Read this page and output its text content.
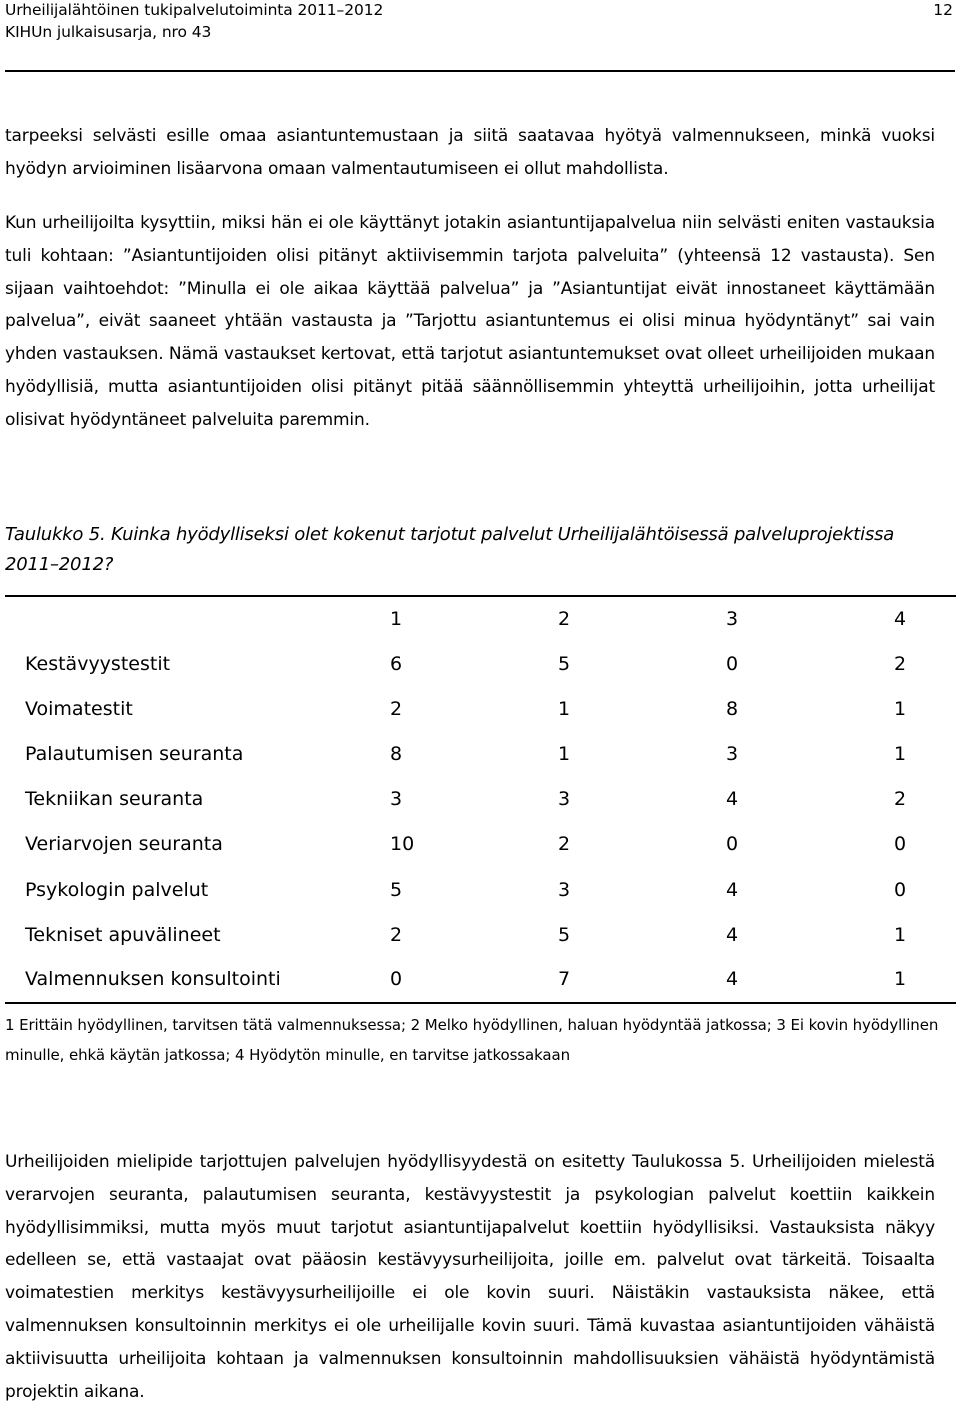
Urheilijalähtöinen tukipalvelutoiminta 2011–2012
KIHUn julkaisusarja, nro 43
12

tarpeeksi selvästi esille omaa asiantuntemustaan ja siitä saatavaa hyötyä valmennukseen, minkä vuoksi hyödyn arvioiminen lisäarvona omaan valmentautumiseen ei ollut mahdollista.

Kun urheilijoilta kysyttiin, miksi hän ei ole käyttänyt jotakin asiantuntijapalvelua niin selvästi eniten vastauksia tuli kohtaan: ”Asiantuntijoiden olisi pitänyt aktiivisemmin tarjota palveluita” (yhteensä 12 vastausta). Sen sijaan vaihtoehdot: ”Minulla ei ole aikaa käyttää palvelua” ja ”Asiantuntijat eivät innostaneet käyttämään palvelua”, eivät saaneet yhtään vastausta ja ”Tarjottu asiantuntemus ei olisi minua hyödyntänyt” sai vain yhden vastauksen. Nämä vastaukset kertovat, että tarjotut asiantuntemukset ovat olleet urheilijoiden mukaan hyödyllisiä, mutta asiantuntijoiden olisi pitänyt pitää säännöllisemmin yhteyttä urheilijoihin, jotta urheilijat olisivat hyödyntäneet palveluita paremmin.

Taulukko 5. Kuinka hyödylliseksi olet kokenut tarjotut palvelut Urheilijalähtöisessä palveluprojektissa 2011–2012?

	1	2	3	4
Kestävyystestit	6	5	0	2
Voimatestit	2	1	8	1
Palautumisen seuranta	8	1	3	1
Tekniikan seuranta	3	3	4	2
Veriarvojen seuranta	10	2	0	0
Psykologin palvelut	5	3	4	0
Tekniset apuvälineet	2	5	4	1
Valmennuksen konsultointi	0	7	4	1

1 Erittäin hyödyllinen, tarvitsen tätä valmennuksessa; 2 Melko hyödyllinen, haluan hyödyntää jatkossa; 3 Ei kovin hyödyllinen minulle, ehkä käytän jatkossa; 4 Hyödytön minulle, en tarvitse jatkossakaan

Urheilijoiden mielipide tarjottujen palvelujen hyödyllisyydestä on esitetty Taulukossa 5. Urheilijoiden mielestä verarvojen seuranta, palautumisen seuranta, kestävyystestit ja psykologian palvelut koettiin kaikkein hyödyllisimmiksi, mutta myös muut tarjotut asiantuntijapalvelut koettiin hyödyllisiksi. Vastauksista näkyy edelleen se, että vastaajat ovat pääosin kestävyysurheilijoita, joille em. palvelut ovat tärkeitä. Toisaalta voimatestien merkitys kestävyysurheilijoille ei ole kovin suuri. Näistäkin vastauksista näkee, että valmennuksen konsultoinnin merkitys ei ole urheilijalle kovin suuri. Tämä kuvastaa asiantuntijoiden vähäistä aktiivisuutta urheilijoita kohtaan ja valmennuksen konsultoinnin mahdollisuuksien vähäistä hyödyntämistä projektin aikana.
